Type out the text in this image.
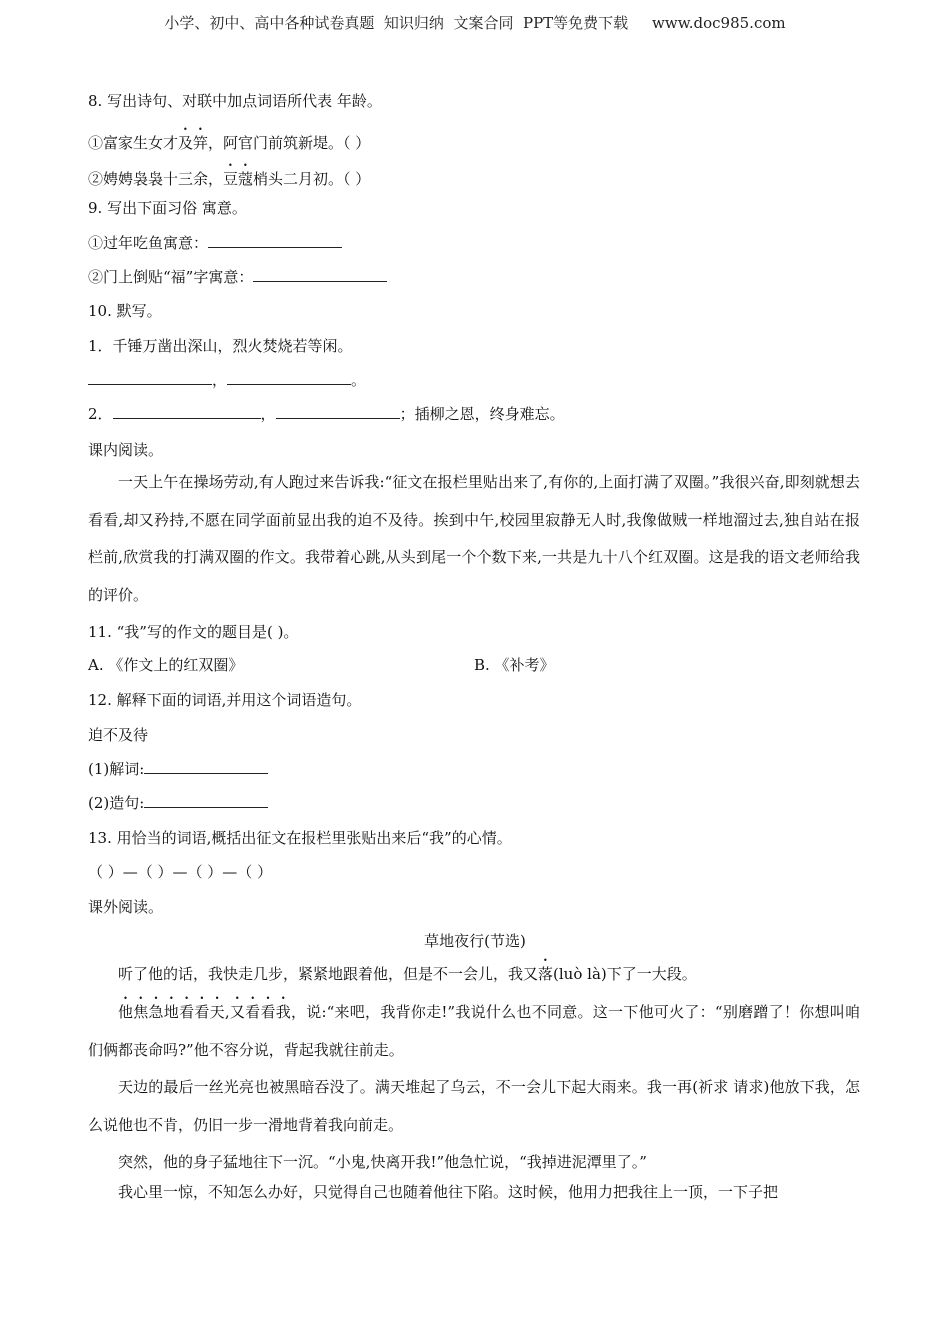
小学、初中、高中各种试卷真题  知识归纳  文案合同  PPT等免费下载     www.doc985.com
8. 写出诗句、对联中加点词语所代表 年龄。
①富家生女才及笄，阿官门前筑新堤。（ ）
②娉娉袅袅十三余，豆蔻梢头二月初。（ ）
9. 写出下面习俗 寓意。
①过年吃鱼寓意：
②门上倒贴“福”字寓意：
10. 默写。
1．千锤万凿出深山，烈火焚烧若等闲。
，	。
2．	，	；插柳之恩，终身难忘。
课内阅读。
一天上午在操场劳动,有人跑过来告诉我:“征文在报栏里贴出来了,有你的,上面打满了双圈。”我很兴奋,即刻就想去看看,却又矜持,不愿在同学面前显出我的迫不及待。挨到中午,校园里寂静无人时,我像做贼一样地溜过去,独自站在报栏前,欣赏我的打满双圈的作文。我带着心跳,从头到尾一个个数下来,一共是九十八个红双圈。这是我的语文老师给我的评价。
11. “我”写的作文的题目是( )。
A. 《作文上的红双圈》	B. 《补考》
12. 解释下面的词语,并用这个词语造句。
迫不及待
(1)解词:
(2)造句:
13. 用恰当的词语,概括出征文在报栏里张贴出来后“我”的心情。
（ ）—（ ）—（ ）—（ ）
课外阅读。
草地夜行(节选)
听了他的话，我快走几步，紧紧地跟着他，但是不一会儿，我又落(luò là)下了一大段。
他焦急地看看天,又看看我，说:“来吧，我背你走!”我说什么也不同意。这一下他可火了：“别磨蹭了！你想叫咱们俩都丧命吗?”他不容分说，背起我就往前走。
天边的最后一丝光亮也被黑暗吞没了。满天堆起了乌云，不一会儿下起大雨来。我一再(祈求 请求)他放下我，怎么说他也不肯，仍旧一步一滑地背着我向前走。
突然，他的身子猛地往下一沉。“小鬼,快离开我!”他急忙说，“我掉进泥潭里了。”
我心里一惊，不知怎么办好，只觉得自己也随着他往下陷。这时候，他用力把我往上一顶，一下子把
